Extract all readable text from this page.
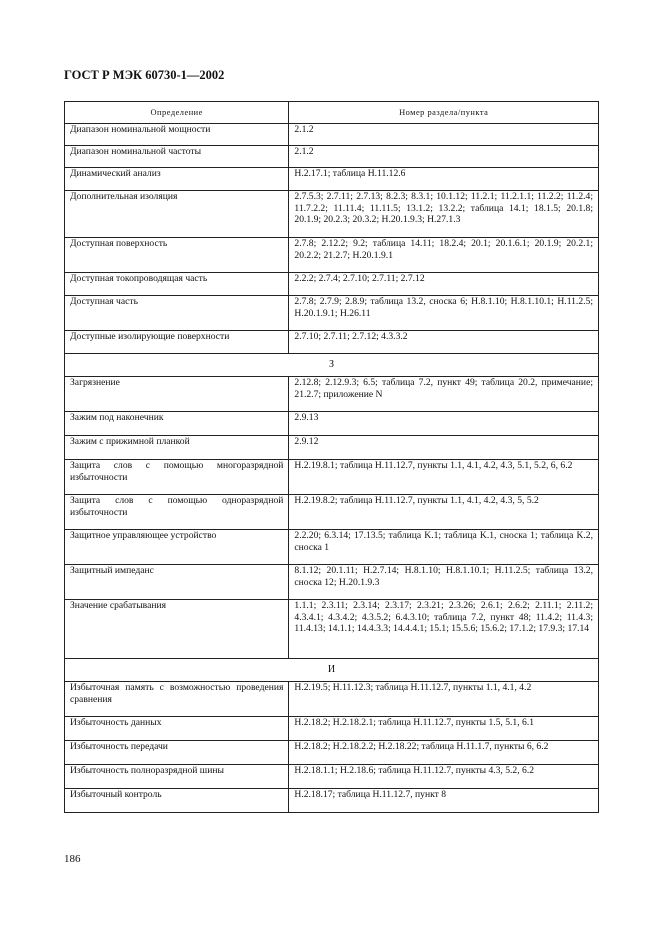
ГОСТ Р МЭК 60730-1—2002
Определение	Номер раздела/пункта
Диапазон номинальной мощности	2.1.2
Диапазон номинальной частоты	2.1.2
Динамический анализ	H.2.17.1; таблица H.11.12.6
Дополнительная изоляция	2.7.5.3; 2.7.11; 2.7.13; 8.2.3; 8.3.1; 10.1.12; 11.2.1; 11.2.1.1; 11.2.2; 11.2.4; 11.7.2.2; 11.11.4; 11.11.5; 13.1.2; 13.2.2; таблица 14.1; 18.1.5; 20.1.8; 20.1.9; 20.2.3; 20.3.2; H.20.1.9.3; H.27.1.3
Доступная поверхность	2.7.8; 2.12.2; 9.2; таблица 14.11; 18.2.4; 20.1; 20.1.6.1; 20.1.9; 20.2.1; 20.2.2; 21.2.7; H.20.1.9.1
Доступная токопроводящая часть	2.2.2; 2.7.4; 2.7.10; 2.7.11; 2.7.12
Доступная часть	2.7.8; 2.7.9; 2.8.9; таблица 13.2, сноска 6; H.8.1.10; H.8.1.10.1; H.11.2.5; H.20.1.9.1; H.26.11
Доступные изолирующие поверхности	2.7.10; 2.7.11; 2.7.12; 4.3.3.2
З	
Загрязнение	2.12.8; 2.12.9.3; 6.5; таблица 7.2, пункт 49; таблица 20.2, примечание; 21.2.7; приложение N
Зажим под наконечник	2.9.13
Зажим с прижимной планкой	2.9.12
Защита слов с помощью многоразрядной избыточности	H.2.19.8.1; таблица H.11.12.7, пункты 1.1, 4.1, 4.2, 4.3, 5.1, 5.2, 6, 6.2
Защита слов с помощью одноразрядной избыточности	H.2.19.8.2; таблица H.11.12.7, пункты 1.1, 4.1, 4.2, 4.3, 5, 5.2
Защитное управляющее устройство	2.2.20; 6.3.14; 17.13.5; таблица K.1; таблица K.1, сноска 1; таблица K.2, сноска 1
Защитный импеданс	8.1.12; 20.1.11; H.2.7.14; H.8.1.10; H.8.1.10.1; H.11.2.5; таблица 13.2, сноска 12; H.20.1.9.3
Значение срабатывания	1.1.1; 2.3.11; 2.3.14; 2.3.17; 2.3.21; 2.3.26; 2.6.1; 2.6.2; 2.11.1; 2.11.2; 4.3.4.1; 4.3.4.2; 4.3.5.2; 6.4.3.10; таблица 7.2, пункт 48; 11.4.2; 11.4.3; 11.4.13; 14.1.1; 14.4.3.3; 14.4.4.1; 15.1; 15.5.6; 15.6.2; 17.1.2; 17.9.3; 17.14
И	
Избыточная память с возможностью проведения сравнения	H.2.19.5; H.11.12.3; таблица H.11.12.7, пункты 1.1, 4.1, 4.2
Избыточность данных	H.2.18.2; H.2.18.2.1; таблица H.11.12.7, пункты 1.5, 5.1, 6.1
Избыточность передачи	H.2.18.2; H.2.18.2.2; H.2.18.22; таблица H.11.1.7, пункты 6, 6.2
Избыточность полноразрядной шины	H.2.18.1.1; H.2.18.6; таблица H.11.12.7, пункты 4.3, 5.2, 6.2
Избыточный контроль	H.2.18.17; таблица H.11.12.7, пункт 8
186
